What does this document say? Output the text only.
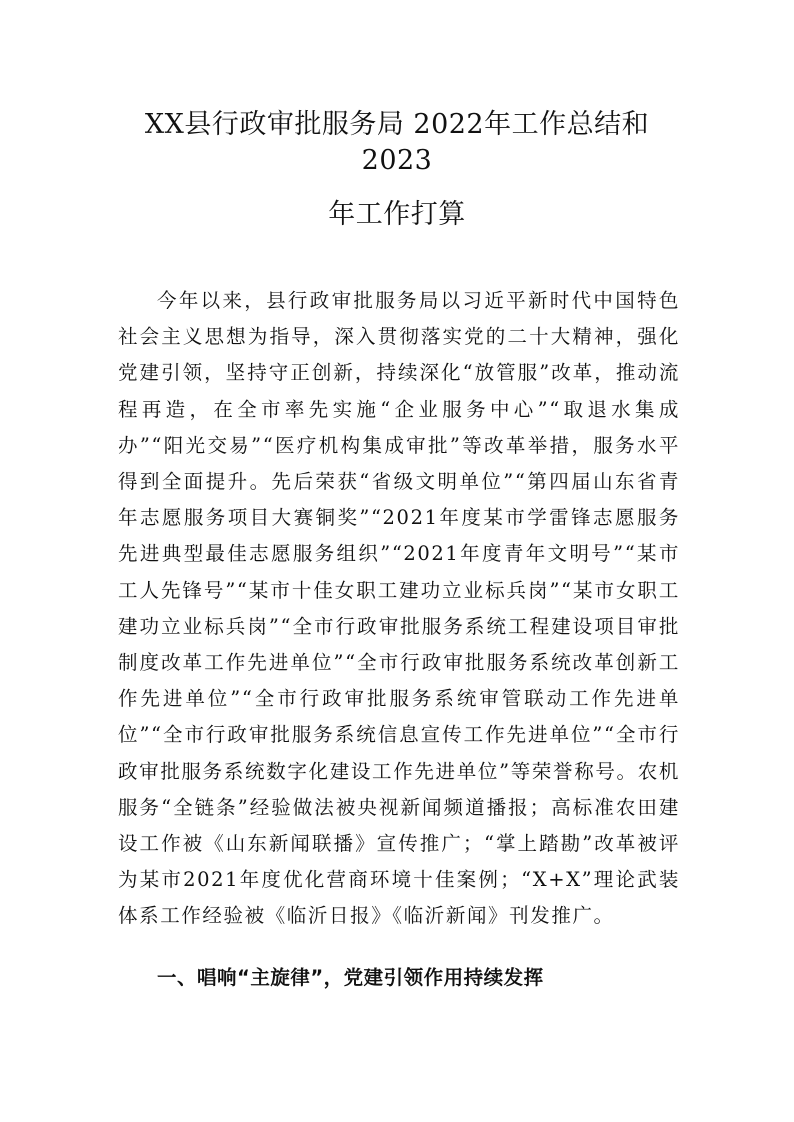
XX县行政审批服务局 2022年工作总结和
2023
年工作打算

今年以来，县行政审批服务局以习近平新时代中国特色社会主义思想为指导，深入贯彻落实党的二十大精神，强化党建引领，坚持守正创新，持续深化“放管服”改革，推动流程再造，在全市率先实施“企业服务中心”“取退水集成办”“阳光交易”“医疗机构集成审批”等改革举措，服务水平得到全面提升。先后荣获“省级文明单位”“第四届山东省青年志愿服务项目大赛铜奖”“2021年度某市学雷锋志愿服务先进典型最佳志愿服务组织”“2021年度青年文明号”“某市工人先锋号”“某市十佳女职工建功立业标兵岗”“某市女职工建功立业标兵岗”“全市行政审批服务系统工程建设项目审批制度改革工作先进单位”“全市行政审批服务系统改革创新工作先进单位”“全市行政审批服务系统审管联动工作先进单位”“全市行政审批服务系统信息宣传工作先进单位”“全市行政审批服务系统数字化建设工作先进单位”等荣誉称号。农机服务“全链条”经验做法被央视新闻频道播报；高标准农田建设工作被《山东新闻联播》宣传推广；“掌上踏勘”改革被评为某市2021年度优化营商环境十佳案例；“X+X”理论武装体系工作经验被《临沂日报》《临沂新闻》刊发推广。

一、唱响“主旋律”，党建引领作用持续发挥
